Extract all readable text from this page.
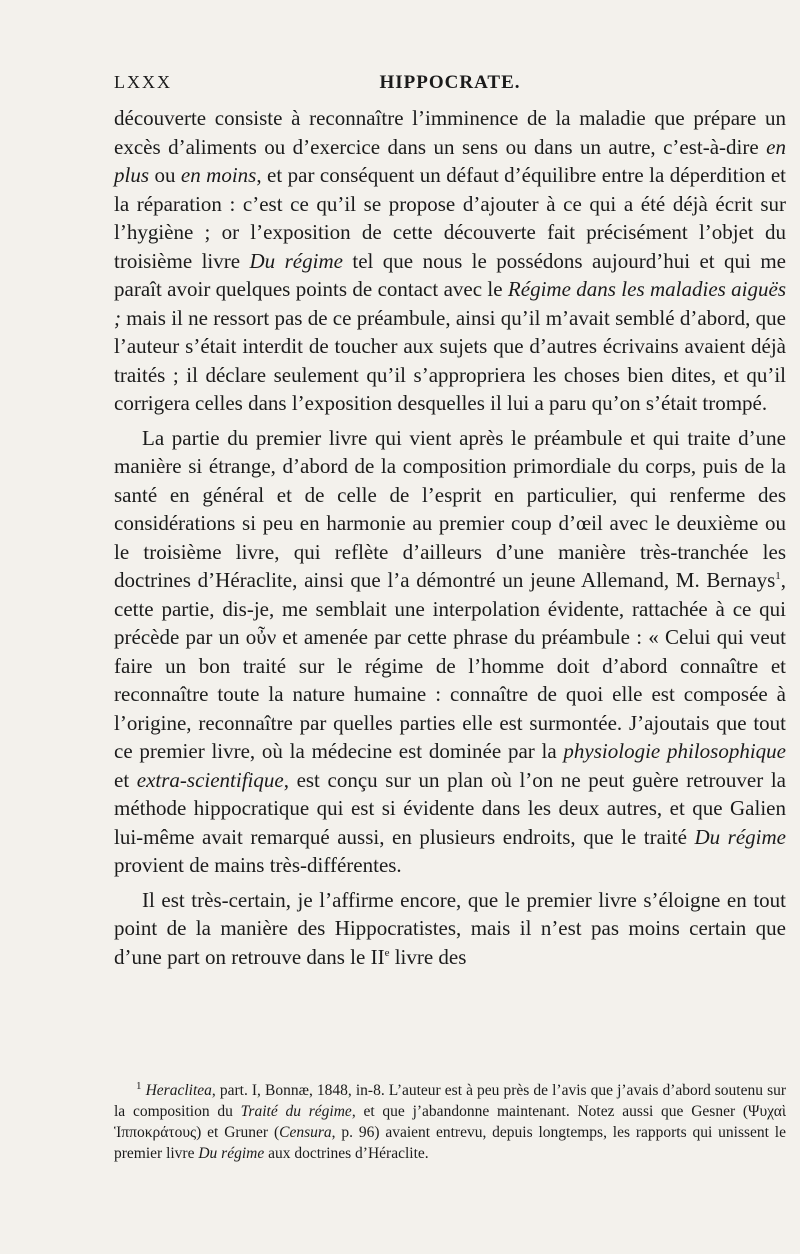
LXXX	HIPPOCRATE.

découverte consiste à reconnaître l’imminence de la maladie que prépare un excès d’aliments ou d’exercice dans un sens ou dans un autre, c’est-à-dire en plus ou en moins, et par conséquent un défaut d’équilibre entre la déperdition et la réparation : c’est ce qu’il se propose d’ajouter à ce qui a été déjà écrit sur l’hygiène ; or l’exposition de cette découverte fait précisément l’objet du troisième livre Du régime tel que nous le possédons aujourd’hui et qui me paraît avoir quelques points de contact avec le Régime dans les maladies aiguës ; mais il ne ressort pas de ce préambule, ainsi qu’il m’avait semblé d’abord, que l’auteur s’était interdit de toucher aux sujets que d’autres écrivains avaient déjà traités ; il déclare seulement qu’il s’appropriera les choses bien dites, et qu’il corrigera celles dans l’exposition desquelles il lui a paru qu’on s’était trompé.

La partie du premier livre qui vient après le préambule et qui traite d’une manière si étrange, d’abord de la composition primordiale du corps, puis de la santé en général et de celle de l’esprit en particulier, qui renferme des considérations si peu en harmonie au premier coup d’œil avec le deuxième ou le troisième livre, qui reflète d’ailleurs d’une manière très-tranchée les doctrines d’Héraclite, ainsi que l’a démontré un jeune Allemand, M. Bernays$^1$, cette partie, dis-je, me semblait une interpolation évidente, rattachée à ce qui précède par un οὖν et amenée par cette phrase du préambule : « Celui qui veut faire un bon traité sur le régime de l’homme doit d’abord connaître et reconnaître toute la nature humaine : connaître de quoi elle est composée à l’origine, reconnaître par quelles parties elle est surmontée. J’ajoutais que tout ce premier livre, où la médecine est dominée par la physiologie philosophique et extra-scientifique, est conçu sur un plan où l’on ne peut guère retrouver la méthode hippocratique qui est si évidente dans les deux autres, et que Galien lui-même avait remarqué aussi, en plusieurs endroits, que le traité Du régime provient de mains très-différentes.

Il est très-certain, je l’affirme encore, que le premier livre s’éloigne en tout point de la manière des Hippocratistes, mais il n’est pas moins certain que d’une part on retrouve dans le IIe livre des

$^1$ Heraclitea, part. I, Bonnæ, 1848, in-8. L’auteur est à peu près de l’avis que j’avais d’abord soutenu sur la composition du Traité du régime, et que j’abandonne maintenant. Notez aussi que Gesner (Ψυχαὶ Ἱπποκράτους) et Gruner (Censura, p. 96) avaient entrevu, depuis longtemps, les rapports qui unissent le premier livre Du régime aux doctrines d’Héraclite.
